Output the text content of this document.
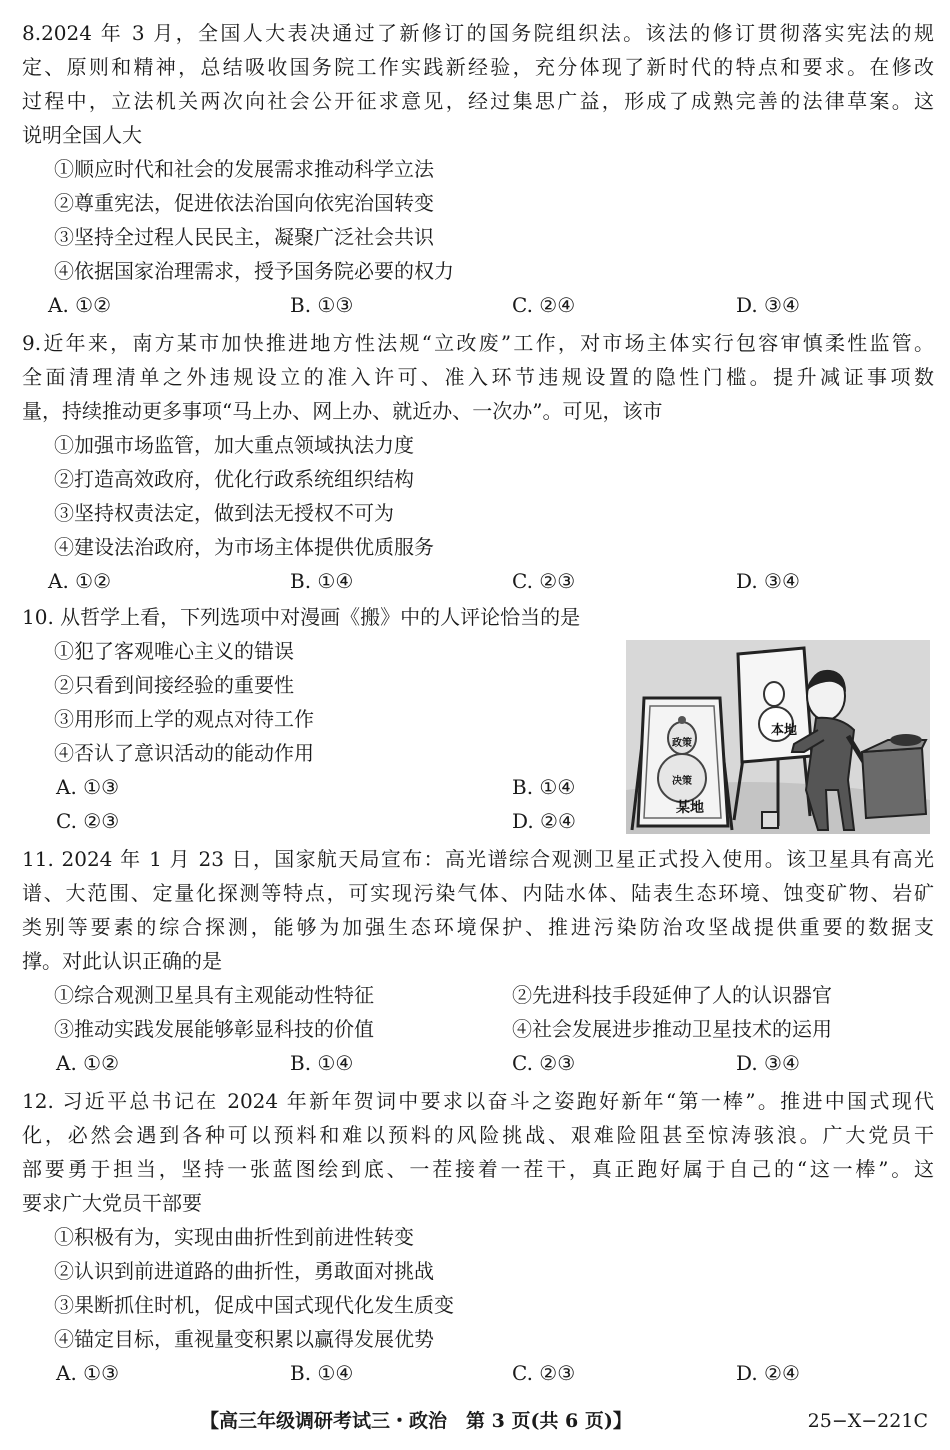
8.2024 年 3 月，全国人大表决通过了新修订的国务院组织法。该法的修订贯彻落实宪法的规
定、原则和精神，总结吸收国务院工作实践新经验，充分体现了新时代的特点和要求。在修改
过程中，立法机关两次向社会公开征求意见，经过集思广益，形成了成熟完善的法律草案。这
说明全国人大
①顺应时代和社会的发展需求推动科学立法
②尊重宪法，促进依法治国向依宪治国转变
③坚持全过程人民民主，凝聚广泛社会共识
④依据国家治理需求，授予国务院必要的权力
A. ①②	B. ①③	C. ②④	D. ③④
9.近年来，南方某市加快推进地方性法规“立改废”工作，对市场主体实行包容审慎柔性监管。
全面清理清单之外违规设立的准入许可、准入环节违规设置的隐性门槛。提升减证事项数
量，持续推动更多事项“马上办、网上办、就近办、一次办”。可见，该市
①加强市场监管，加大重点领域执法力度
②打造高效政府，优化行政系统组织结构
③坚持权责法定，做到法无授权不可为
④建设法治政府，为市场主体提供优质服务
A. ①②	B. ①④	C. ②③	D. ③④
10. 从哲学上看，下列选项中对漫画《搬》中的人评论恰当的是
①犯了客观唯心主义的错误
②只看到间接经验的重要性
③用形而上学的观点对待工作
④否认了意识活动的能动作用
A. ①③	B. ①④
C. ②③	D. ②④
政策
决策
某地
本地
11. 2024 年 1 月 23 日，国家航天局宣布：高光谱综合观测卫星正式投入使用。该卫星具有高光
谱、大范围、定量化探测等特点，可实现污染气体、内陆水体、陆表生态环境、蚀变矿物、岩矿
类别等要素的综合探测，能够为加强生态环境保护、推进污染防治攻坚战提供重要的数据支
撑。对此认识正确的是
①综合观测卫星具有主观能动性特征	②先进科技手段延伸了人的认识器官
③推动实践发展能够彰显科技的价值	④社会发展进步推动卫星技术的运用
A. ①②	B. ①④	C. ②③	D. ③④
12. 习近平总书记在 2024 年新年贺词中要求以奋斗之姿跑好新年“第一棒”。推进中国式现代
化，必然会遇到各种可以预料和难以预料的风险挑战、艰难险阻甚至惊涛骇浪。广大党员干
部要勇于担当，坚持一张蓝图绘到底、一茬接着一茬干，真正跑好属于自己的“这一棒”。这
要求广大党员干部要
①积极有为，实现由曲折性到前进性转变
②认识到前进道路的曲折性，勇敢面对挑战
③果断抓住时机，促成中国式现代化发生质变
④锚定目标，重视量变积累以赢得发展优势
A. ①③	B. ①④	C. ②③	D. ②④
【高三年级调研考试三・政治　第 3 页(共 6 页)】	25−X−221C
